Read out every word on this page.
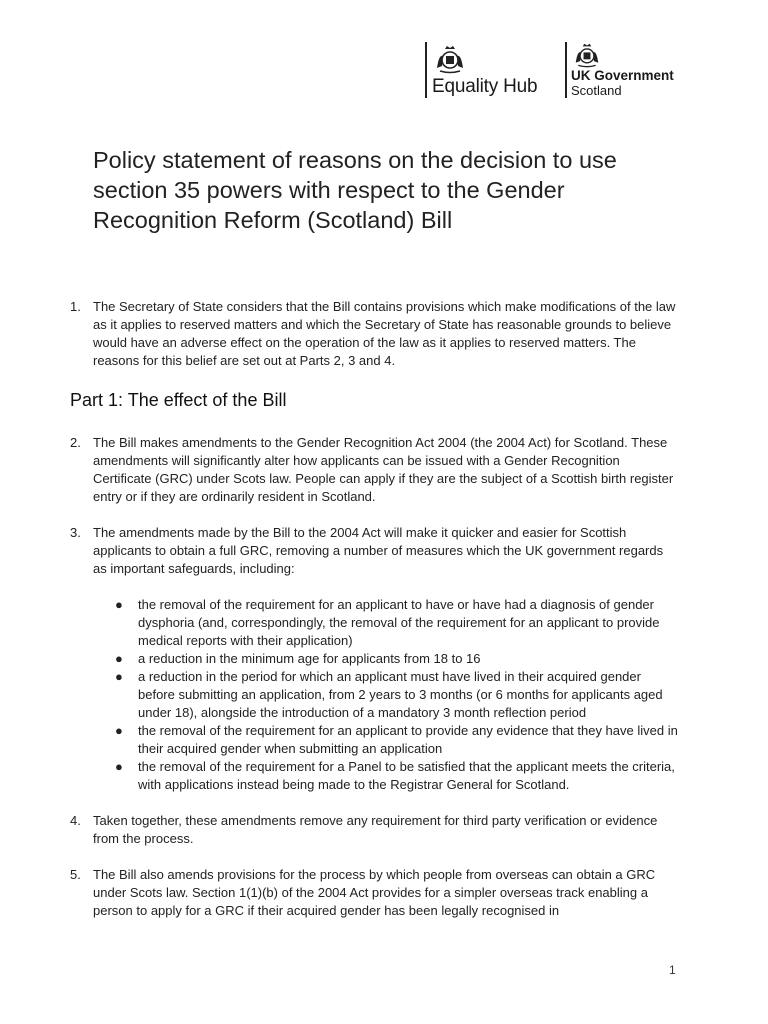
Equality Hub
UK Government
Scotland
Policy statement of reasons on the decision to use section 35 powers with respect to the Gender Recognition Reform (Scotland) Bill
1. The Secretary of State considers that the Bill contains provisions which make modifications of the law as it applies to reserved matters and which the Secretary of State has reasonable grounds to believe would have an adverse effect on the operation of the law as it applies to reserved matters. The reasons for this belief are set out at Parts 2, 3 and 4.
Part 1: The effect of the Bill
2. The Bill makes amendments to the Gender Recognition Act 2004 (the 2004 Act) for Scotland. These amendments will significantly alter how applicants can be issued with a Gender Recognition Certificate (GRC) under Scots law. People can apply if they are the subject of a Scottish birth register entry or if they are ordinarily resident in Scotland.
3. The amendments made by the Bill to the 2004 Act will make it quicker and easier for Scottish applicants to obtain a full GRC, removing a number of measures which the UK government regards as important safeguards, including:
● the removal of the requirement for an applicant to have or have had a diagnosis of gender dysphoria (and, correspondingly, the removal of the requirement for an applicant to provide medical reports with their application)
● a reduction in the minimum age for applicants from 18 to 16
● a reduction in the period for which an applicant must have lived in their acquired gender before submitting an application, from 2 years to 3 months (or 6 months for applicants aged under 18), alongside the introduction of a mandatory 3 month reflection period
● the removal of the requirement for an applicant to provide any evidence that they have lived in their acquired gender when submitting an application
● the removal of the requirement for a Panel to be satisfied that the applicant meets the criteria, with applications instead being made to the Registrar General for Scotland.
4. Taken together, these amendments remove any requirement for third party verification or evidence from the process.
5. The Bill also amends provisions for the process by which people from overseas can obtain a GRC under Scots law. Section 1(1)(b) of the 2004 Act provides for a simpler overseas track enabling a person to apply for a GRC if their acquired gender has been legally recognised in
1
